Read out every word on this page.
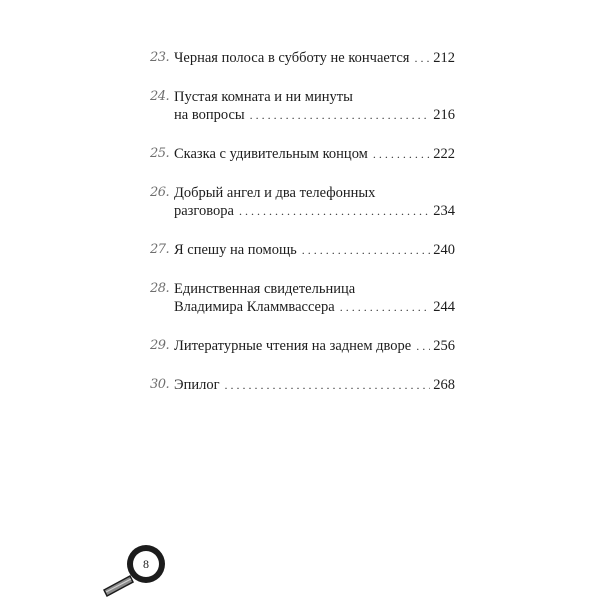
23. Черная полоса в субботу не кончается . . . 212
24. Пустая комната и ни минуты
на вопросы . . .	216
25. Сказка с удивительным концом . . .	222
26. Добрый ангел и два телефонных
разговора . . .	234
27. Я спешу на помощь . . .	240
28. Единственная свидетельница
Владимира Кламмвассера . . .	244
29. Литературные чтения на заднем дворе . . . 256
30. Эпилог . . .	268
8
